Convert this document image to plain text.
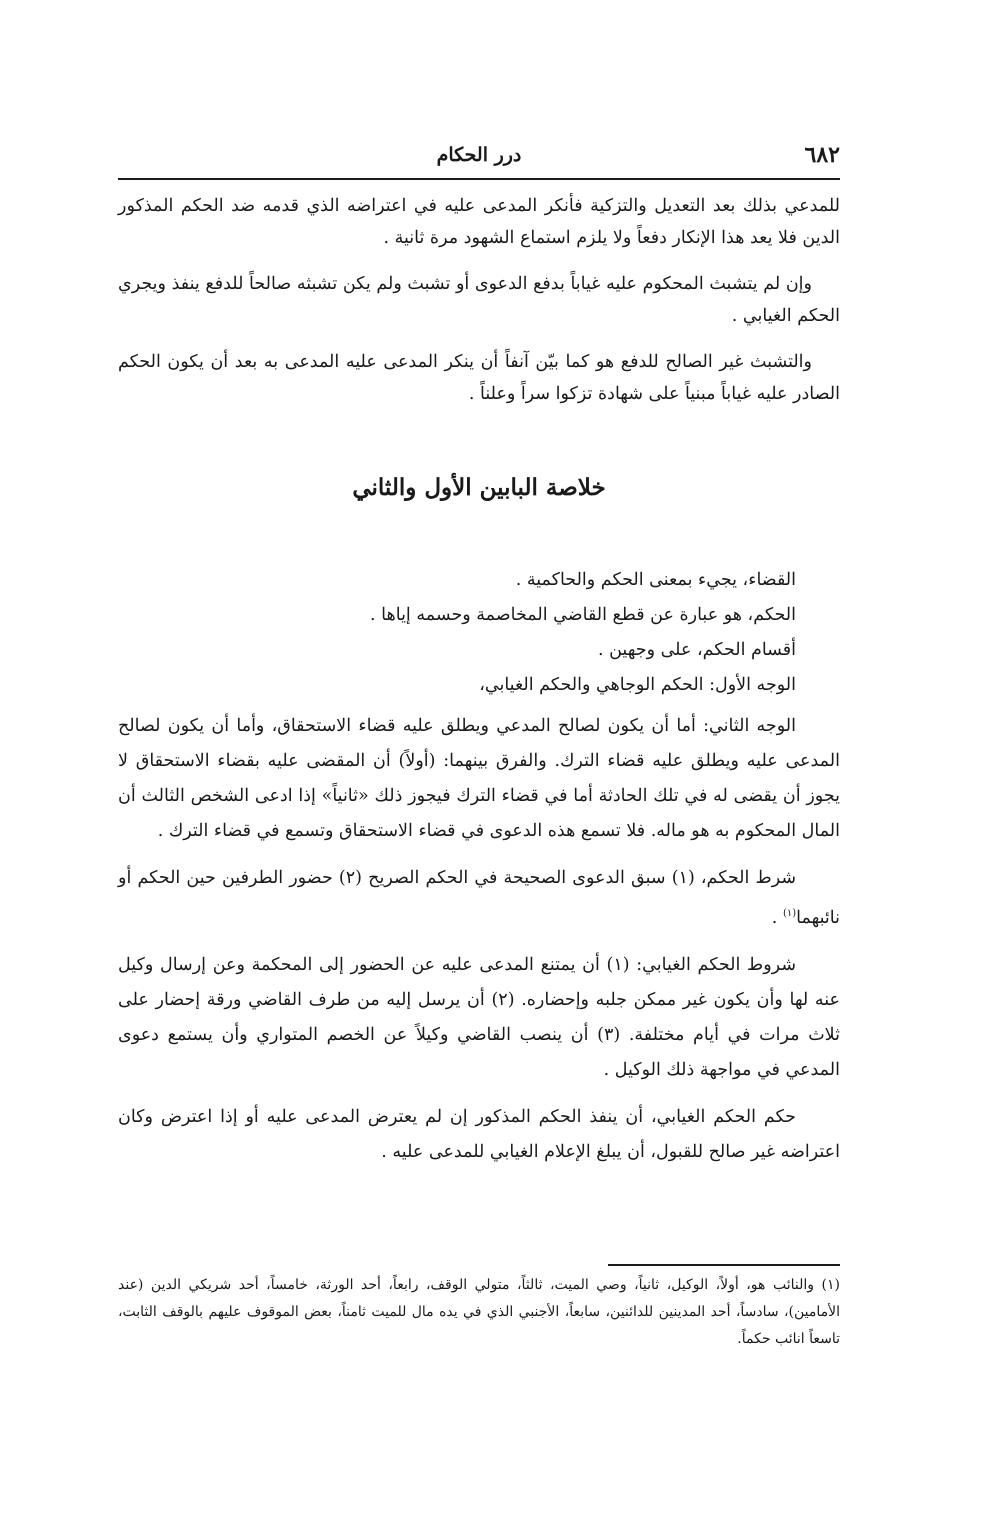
٦٨٢
درر الحكام

للمدعي بذلك بعد التعديل والتزكية فأنكر المدعى عليه في اعتراضه الذي قدمه ضد الحكم المذكور الدين فلا يعد هذا الإنكار دفعاً ولا يلزم استماع الشهود مرة ثانية .

وإن لم يتشبث المحكوم عليه غياباً بدفع الدعوى أو تشبث ولم يكن تشبثه صالحاً للدفع ينفذ ويجري الحكم الغيابي .

والتشبث غير الصالح للدفع هو كما بيّن آنفاً أن ينكر المدعى عليه المدعى به بعد أن يكون الحكم الصادر عليه غياباً مبنياً على شهادة تزكوا سراً وعلناً .

خلاصة البابين الأول والثاني
القضاء، يجيء بمعنى الحكم والحاكمية .
الحكم، هو عبارة عن قطع القاضي المخاصمة وحسمه إياها .
أقسام الحكم، على وجهين .
الوجه الأول: الحكم الوجاهي والحكم الغيابي،

الوجه الثاني: أما أن يكون لصالح المدعي ويطلق عليه قضاء الاستحقاق، وأما أن يكون لصالح المدعى عليه ويطلق عليه قضاء الترك. والفرق بينهما: (أولاً) أن المقضى عليه بقضاء الاستحقاق لا يجوز أن يقضى له في تلك الحادثة أما في قضاء الترك فيجوز ذلك «ثانياً» إذا ادعى الشخص الثالث أن المال المحكوم به هو ماله. فلا تسمع هذه الدعوى في قضاء الاستحقاق وتسمع في قضاء الترك .

شرط الحكم، (١) سبق الدعوى الصحيحة في الحكم الصريح (٢) حضور الطرفين حين الحكم أو نائبهما$^{(١)}$ .

شروط الحكم الغيابي: (١) أن يمتنع المدعى عليه عن الحضور إلى المحكمة وعن إرسال وكيل عنه لها وأن يكون غير ممكن جلبه وإحضاره. (٢) أن يرسل إليه من طرف القاضي ورقة إحضار على ثلاث مرات في أيام مختلفة. (٣) أن ينصب القاضي وكيلاً عن الخصم المتواري وأن يستمع دعوى المدعي في مواجهة ذلك الوكيل .

حكم الحكم الغيابي، أن ينفذ الحكم المذكور إن لم يعترض المدعى عليه أو إذا اعترض وكان اعتراضه غير صالح للقبول، أن يبلغ الإعلام الغيابي للمدعى عليه .

(١) والنائب هو، أولاً، الوكيل، ثانياً، وصي الميت، ثالثاً، متولي الوقف، رابعاً، أحد الورثة، خامساً، أحد شريكي الدين (عند الأمامين)، سادساً، أحد المدينين للدائنين، سابعاً، الأجنبي الذي في يده مال للميت ثامناً، بعض الموقوف عليهم بالوقف الثابت، تاسعاً انائب حكماً.
